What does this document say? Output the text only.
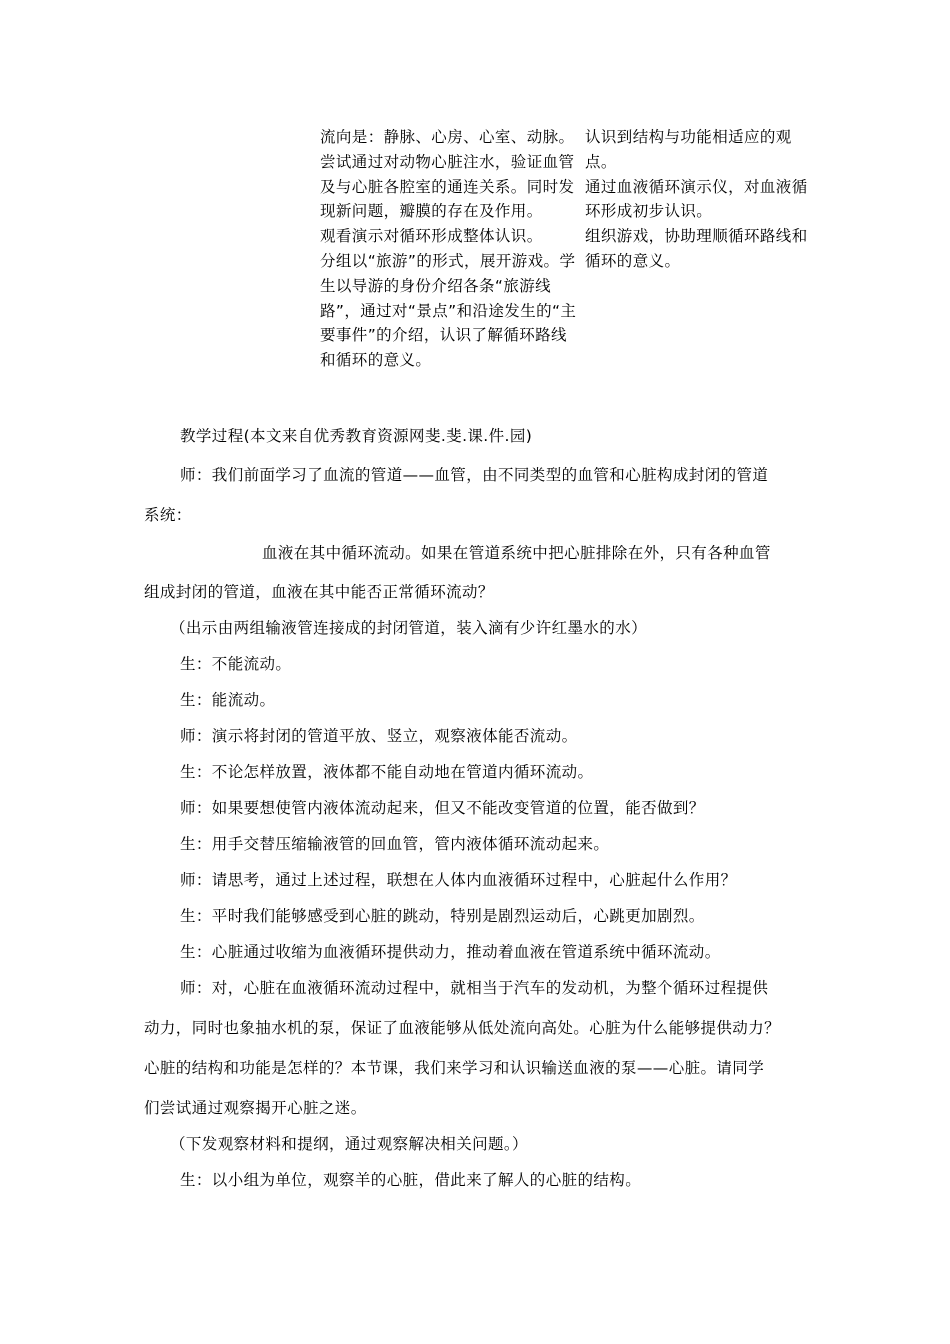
流向是：静脉、心房、心室、动脉。

尝试通过对动物心脏注水，验证血管及与心脏各腔室的通连关系。同时发现新问题，瓣膜的存在及作用。

观看演示对循环形成整体认识。

分组以“旅游”的形式，展开游戏。学生以导游的身份介绍各条“旅游线路”，通过对“景点”和沿途发生的“主要事件”的介绍，认识了解循环路线和循环的意义。

认识到结构与功能相适应的观点。

通过血液循环演示仪，对血液循环形成初步认识。

组织游戏，协助理顺循环路线和循环的意义。

教学过程(本文来自优秀教育资源网斐.斐.课.件.园)
师：我们前面学习了血流的管道——血管，由不同类型的血管和心脏构成封闭的管道
系统：
血液在其中循环流动。如果在管道系统中把心脏排除在外，只有各种血管
组成封闭的管道，血液在其中能否正常循环流动？
（出示由两组输液管连接成的封闭管道，装入滴有少许红墨水的水）
生：不能流动。
生：能流动。
师：演示将封闭的管道平放、竖立，观察液体能否流动。
生：不论怎样放置，液体都不能自动地在管道内循环流动。
师：如果要想使管内液体流动起来，但又不能改变管道的位置，能否做到？
生：用手交替压缩输液管的回血管，管内液体循环流动起来。
师：请思考，通过上述过程，联想在人体内血液循环过程中，心脏起什么作用？
生：平时我们能够感受到心脏的跳动，特别是剧烈运动后，心跳更加剧烈。
生：心脏通过收缩为血液循环提供动力，推动着血液在管道系统中循环流动。
师：对，心脏在血液循环流动过程中，就相当于汽车的发动机，为整个循环过程提供
动力，同时也象抽水机的泵，保证了血液能够从低处流向高处。心脏为什么能够提供动力？
心脏的结构和功能是怎样的？本节课，我们来学习和认识输送血液的泵——心脏。请同学
们尝试通过观察揭开心脏之迷。
（下发观察材料和提纲，通过观察解决相关问题。）
生：以小组为单位，观察羊的心脏，借此来了解人的心脏的结构。
